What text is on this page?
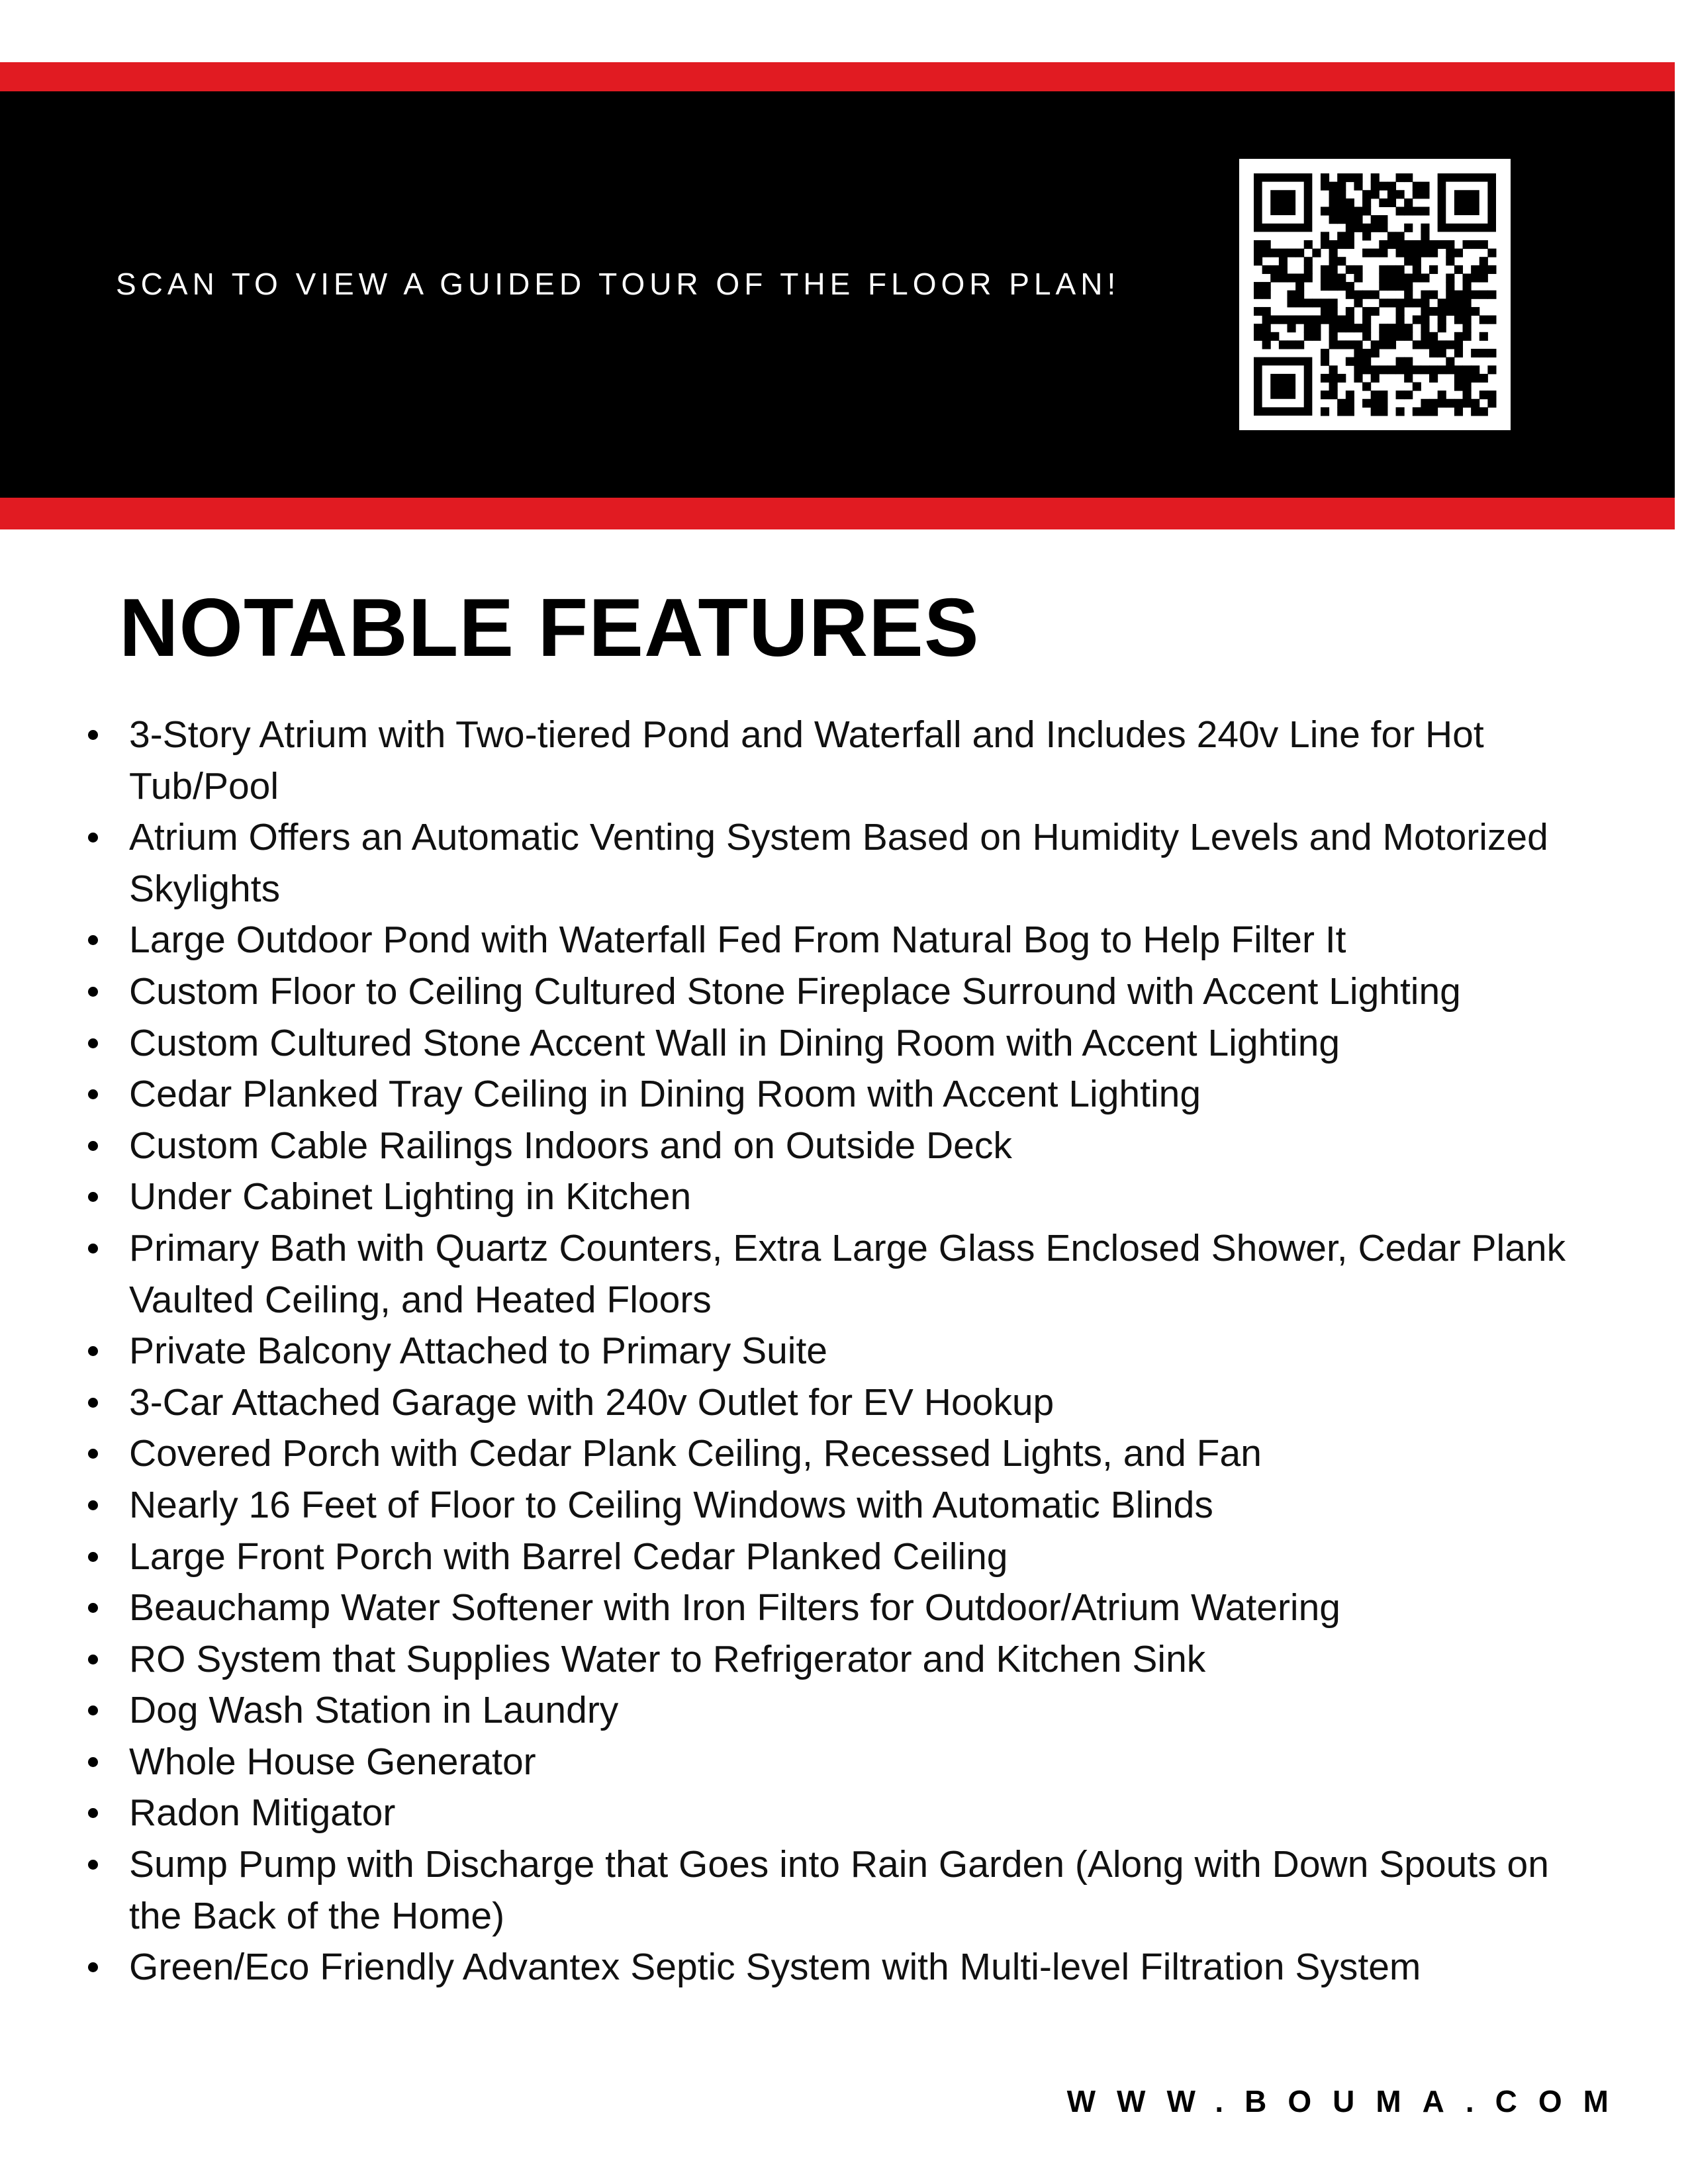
SCAN TO VIEW A GUIDED TOUR OF THE FLOOR PLAN!
NOTABLE FEATURES
3-Story Atrium with Two-tiered Pond and Waterfall and Includes 240v Line for Hot Tub/Pool
Atrium Offers an Automatic Venting System Based on Humidity Levels and Motorized Skylights
Large Outdoor Pond with Waterfall Fed From Natural Bog to Help Filter It
Custom Floor to Ceiling Cultured Stone Fireplace Surround with Accent Lighting
Custom Cultured Stone Accent Wall in Dining Room with Accent Lighting
Cedar Planked Tray Ceiling in Dining Room with Accent Lighting
Custom Cable Railings Indoors and on Outside Deck
Under Cabinet Lighting in Kitchen
Primary Bath with Quartz Counters, Extra Large Glass Enclosed Shower, Cedar Plank Vaulted Ceiling, and Heated Floors
Private Balcony Attached to Primary Suite
3-Car Attached Garage with 240v Outlet for EV Hookup
Covered Porch with Cedar Plank Ceiling, Recessed Lights, and Fan
Nearly 16 Feet of Floor to Ceiling Windows with Automatic Blinds
Large Front Porch with Barrel Cedar Planked Ceiling
Beauchamp Water Softener with Iron Filters for Outdoor/Atrium Watering
RO System that Supplies Water to Refrigerator and Kitchen Sink
Dog Wash Station in Laundry
Whole House Generator
Radon Mitigator
Sump Pump with Discharge that Goes into Rain Garden (Along with Down Spouts on the Back of the Home)
Green/Eco Friendly Advantex Septic System with Multi-level Filtration System
WWW.BOUMA.COM
